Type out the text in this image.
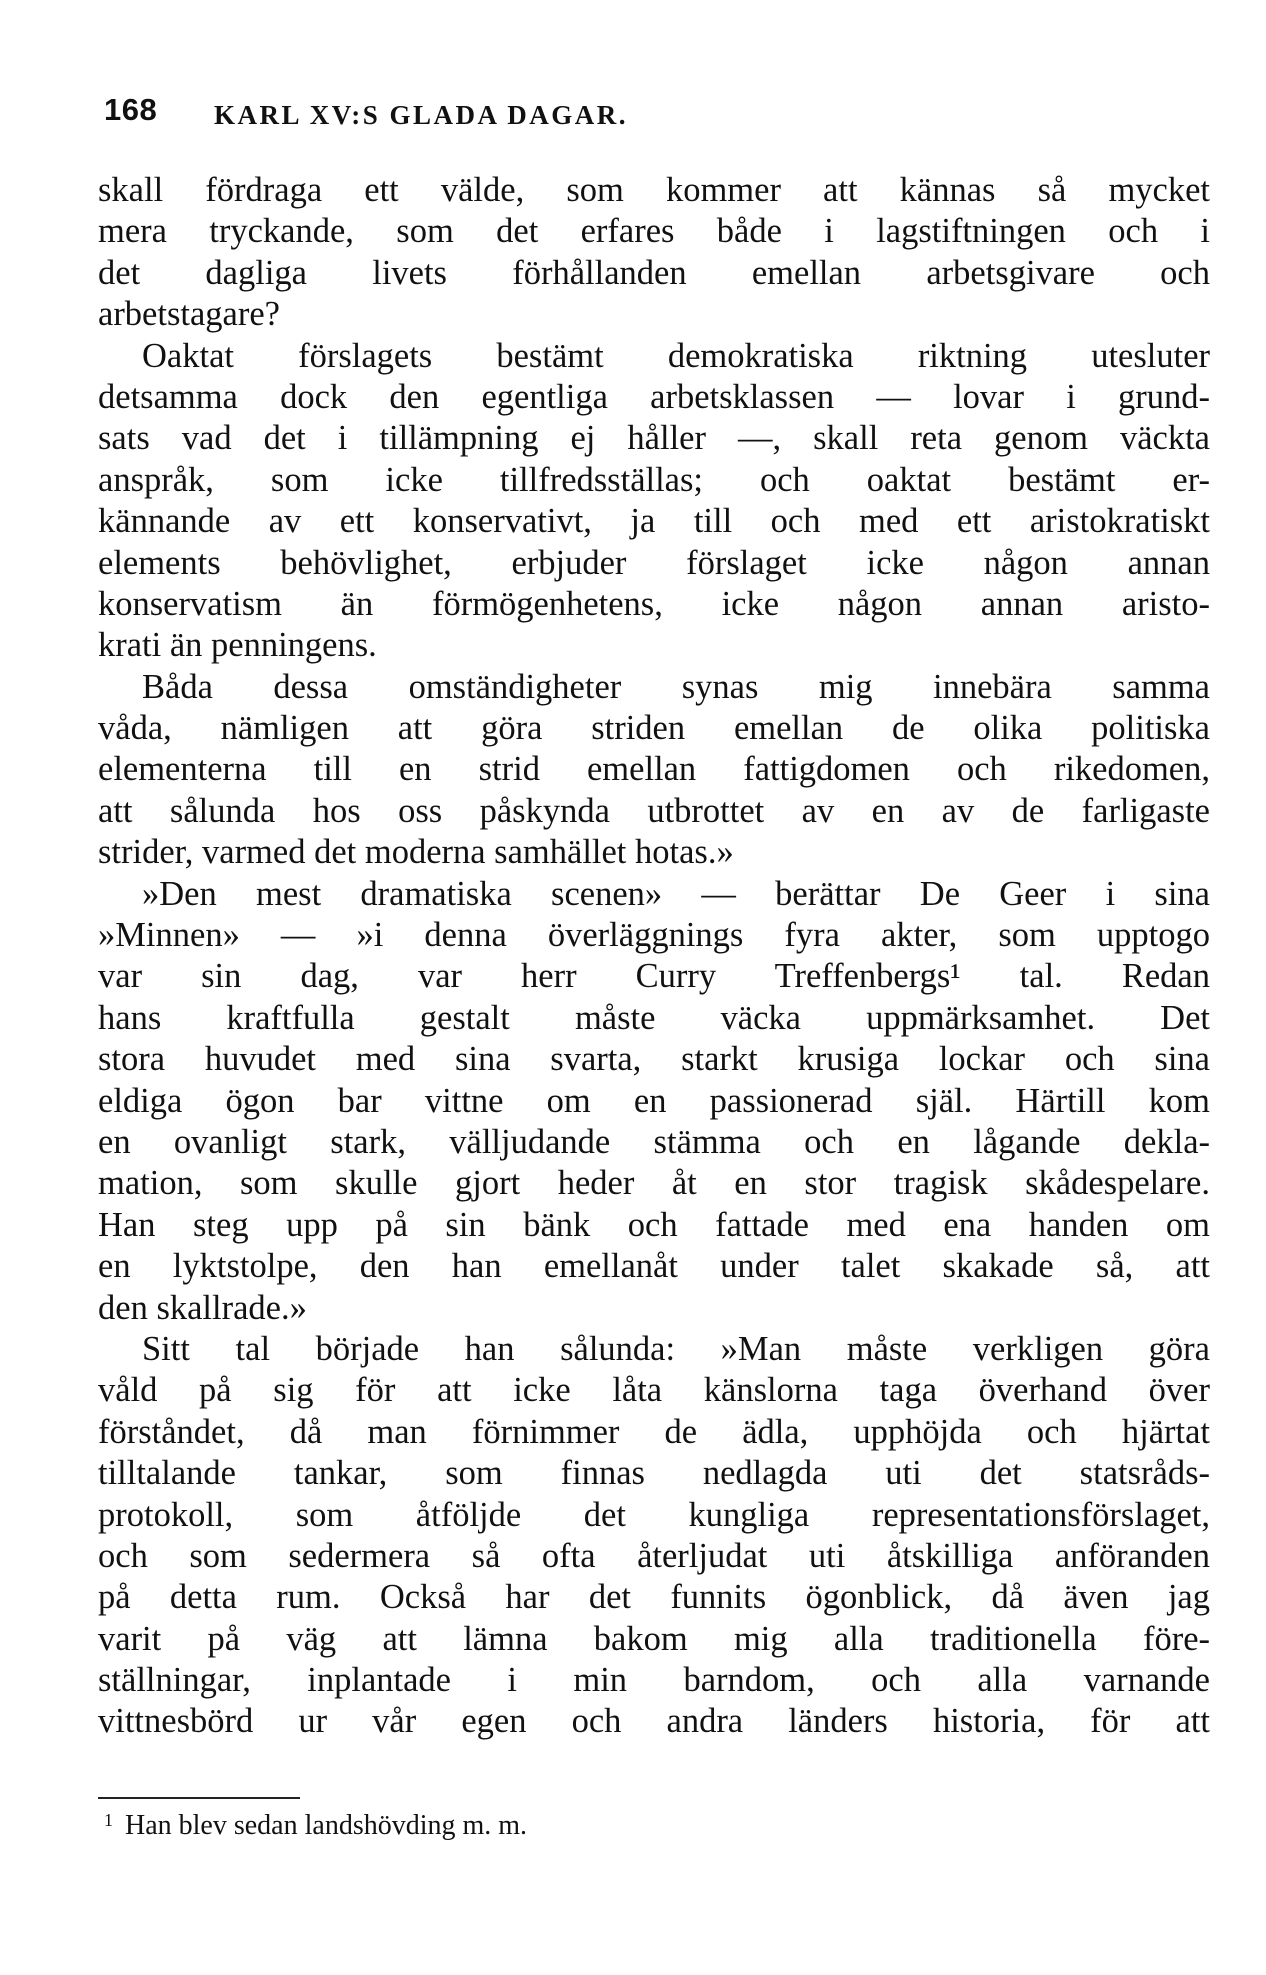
168 KARL XV:S GLADA DAGAR.
skall fördraga ett välde, som kommer att kännas så mycket
mera tryckande, som det erfares både i lagstiftningen och i
det dagliga livets förhållanden emellan arbetsgivare och
arbetstagare?
Oaktat förslagets bestämt demokratiska riktning utesluter
detsamma dock den egentliga arbetsklassen — lovar i grund-
sats vad det i tillämpning ej håller —, skall reta genom väckta
anspråk, som icke tillfredsställas; och oaktat bestämt er-
kännande av ett konservativt, ja till och med ett aristokratiskt
elements behövlighet, erbjuder förslaget icke någon annan
konservatism än förmögenhetens, icke någon annan aristo-
krati än penningens.
Båda dessa omständigheter synas mig innebära samma
våda, nämligen att göra striden emellan de olika politiska
elementerna till en strid emellan fattigdomen och rikedomen,
att sålunda hos oss påskynda utbrottet av en av de farligaste
strider, varmed det moderna samhället hotas.»
»Den mest dramatiska scenen» — berättar De Geer i sina
»Minnen» — »i denna överläggnings fyra akter, som upptogo
var sin dag, var herr Curry Treffenbergs¹ tal. Redan
hans kraftfulla gestalt måste väcka uppmärksamhet. Det
stora huvudet med sina svarta, starkt krusiga lockar och sina
eldiga ögon bar vittne om en passionerad själ. Härtill kom
en ovanligt stark, välljudande stämma och en lågande dekla-
mation, som skulle gjort heder åt en stor tragisk skådespelare.
Han steg upp på sin bänk och fattade med ena handen om
en lyktstolpe, den han emellanåt under talet skakade så, att
den skallrade.»
Sitt tal började han sålunda: »Man måste verkligen göra
våld på sig för att icke låta känslorna taga överhand över
förståndet, då man förnimmer de ädla, upphöjda och hjärtat
tilltalande tankar, som finnas nedlagda uti det statsråds-
protokoll, som åtföljde det kungliga representationsförslaget,
och som sedermera så ofta återljudat uti åtskilliga anföranden
på detta rum. Också har det funnits ögonblick, då även jag
varit på väg att lämna bakom mig alla traditionella före-
ställningar, inplantade i min barndom, och alla varnande
vittnesbörd ur vår egen och andra länders historia, för att
$^1$ Han blev sedan landshövding m. m.
